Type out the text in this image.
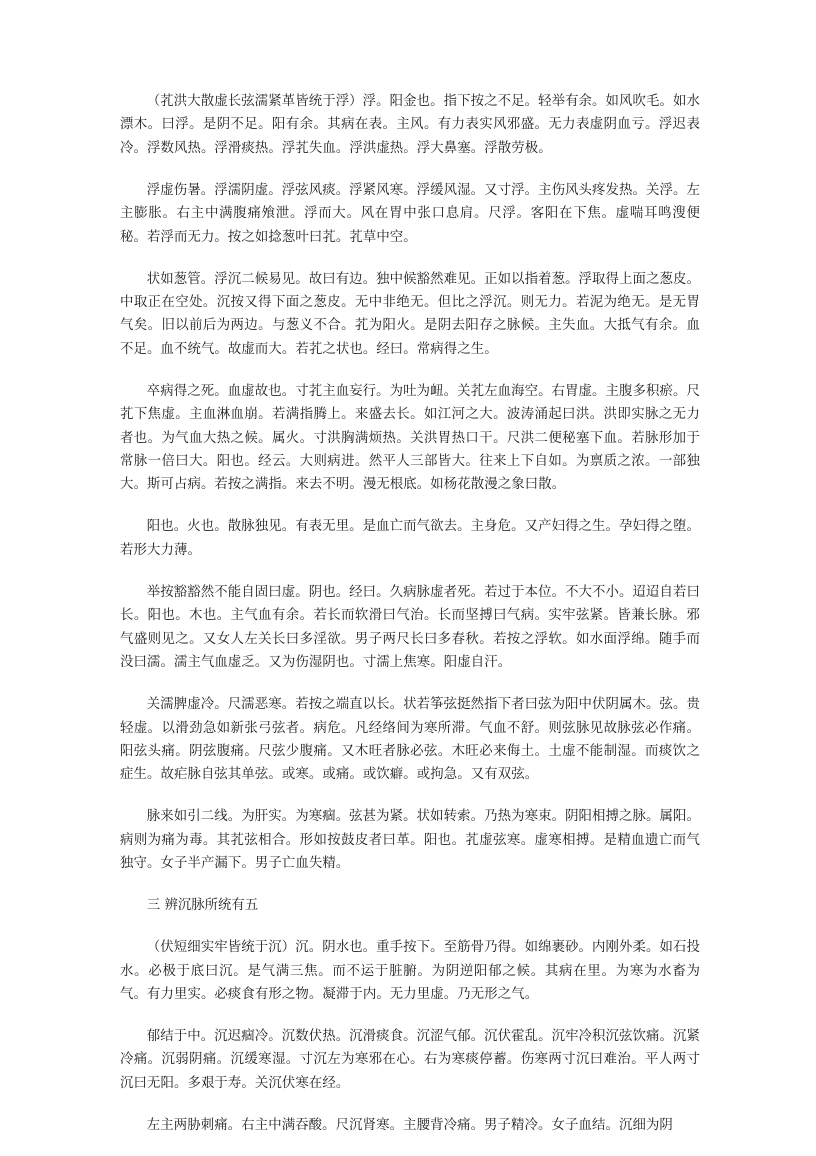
（芤洪大散虚长弦濡紧革皆统于浮）浮。阳金也。指下按之不足。轻举有余。如风吹毛。如水漂木。曰浮。是阴不足。阳有余。其病在表。主风。有力表实风邪盛。无力表虚阴血亏。浮迟表冷。浮数风热。浮滑痰热。浮芤失血。浮洪虚热。浮大鼻塞。浮散劳极。

浮虚伤暑。浮濡阴虚。浮弦风痰。浮紧风寒。浮缓风湿。又寸浮。主伤风头疼发热。关浮。左主膨胀。右主中满腹痛飧泄。浮而大。风在胃中张口息肩。尺浮。客阳在下焦。虚喘耳鸣溲便秘。若浮而无力。按之如捻葱叶曰芤。芤草中空。

状如葱管。浮沉二候易见。故曰有边。独中候豁然难见。正如以指着葱。浮取得上面之葱皮。中取正在空处。沉按又得下面之葱皮。无中非绝无。但比之浮沉。则无力。若泥为绝无。是无胃气矣。旧以前后为两边。与葱义不合。芤为阳火。是阴去阳存之脉候。主失血。大抵气有余。血不足。血不统气。故虚而大。若芤之状也。经曰。常病得之生。

卒病得之死。血虚故也。寸芤主血妄行。为吐为衄。关芤左血海空。右胃虚。主腹多积瘀。尺芤下焦虚。主血淋血崩。若满指腾上。来盛去长。如江河之大。波涛涌起曰洪。洪即实脉之无力者也。为气血大热之候。属火。寸洪胸满烦热。关洪胃热口干。尺洪二便秘塞下血。若脉形加于常脉一倍曰大。阳也。经云。大则病进。然平人三部皆大。往来上下自如。为禀质之浓。一部独大。斯可占病。若按之满指。来去不明。漫无根底。如杨花散漫之象曰散。

阳也。火也。散脉独见。有表无里。是血亡而气欲去。主身危。又产妇得之生。孕妇得之堕。若形大力薄。

举按豁豁然不能自固曰虚。阴也。经曰。久病脉虚者死。若过于本位。不大不小。迢迢自若曰长。阳也。木也。主气血有余。若长而软滑曰气治。长而坚搏曰气病。实牢弦紧。皆兼长脉。邪气盛则见之。又女人左关长曰多淫欲。男子两尺长曰多春秋。若按之浮软。如水面浮绵。随手而没曰濡。濡主气血虚乏。又为伤湿阴也。寸濡上焦寒。阳虚自汗。

关濡脾虚冷。尺濡恶寒。若按之端直以长。状若筝弦挺然指下者曰弦为阳中伏阴属木。弦。贵轻虚。以滑劲急如新张弓弦者。病危。凡经络间为寒所滞。气血不舒。则弦脉见故脉弦必作痛。阳弦头痛。阴弦腹痛。尺弦少腹痛。又木旺者脉必弦。木旺必来侮土。土虚不能制湿。而痰饮之症生。故疟脉自弦其单弦。或寒。或痛。或饮癖。或拘急。又有双弦。

脉来如引二线。为肝实。为寒痼。弦甚为紧。状如转索。乃热为寒束。阴阳相搏之脉。属阳。病则为痛为毒。其芤弦相合。形如按鼓皮者曰革。阳也。芤虚弦寒。虚寒相搏。是精血遗亡而气独守。女子半产漏下。男子亡血失精。

三 辨沉脉所统有五

（伏短细实牢皆统于沉）沉。阴水也。重手按下。至筋骨乃得。如绵裹砂。内刚外柔。如石投水。必极于底曰沉。是气满三焦。而不运于脏腑。为阴逆阳郁之候。其病在里。为寒为水畜为气。有力里实。必痰食有形之物。凝滞于内。无力里虚。乃无形之气。

郁结于中。沉迟痼冷。沉数伏热。沉滑痰食。沉涩气郁。沉伏霍乱。沉牢冷积沉弦饮痛。沉紧冷痛。沉弱阴痛。沉缓寒湿。寸沉左为寒邪在心。右为寒痰停蓄。伤寒两寸沉曰难治。平人两寸沉曰无阳。多艰于寿。关沉伏寒在经。

左主两胁刺痛。右主中满吞酸。尺沉肾寒。主腰背冷痛。男子精冷。女子血结。沉细为阴
